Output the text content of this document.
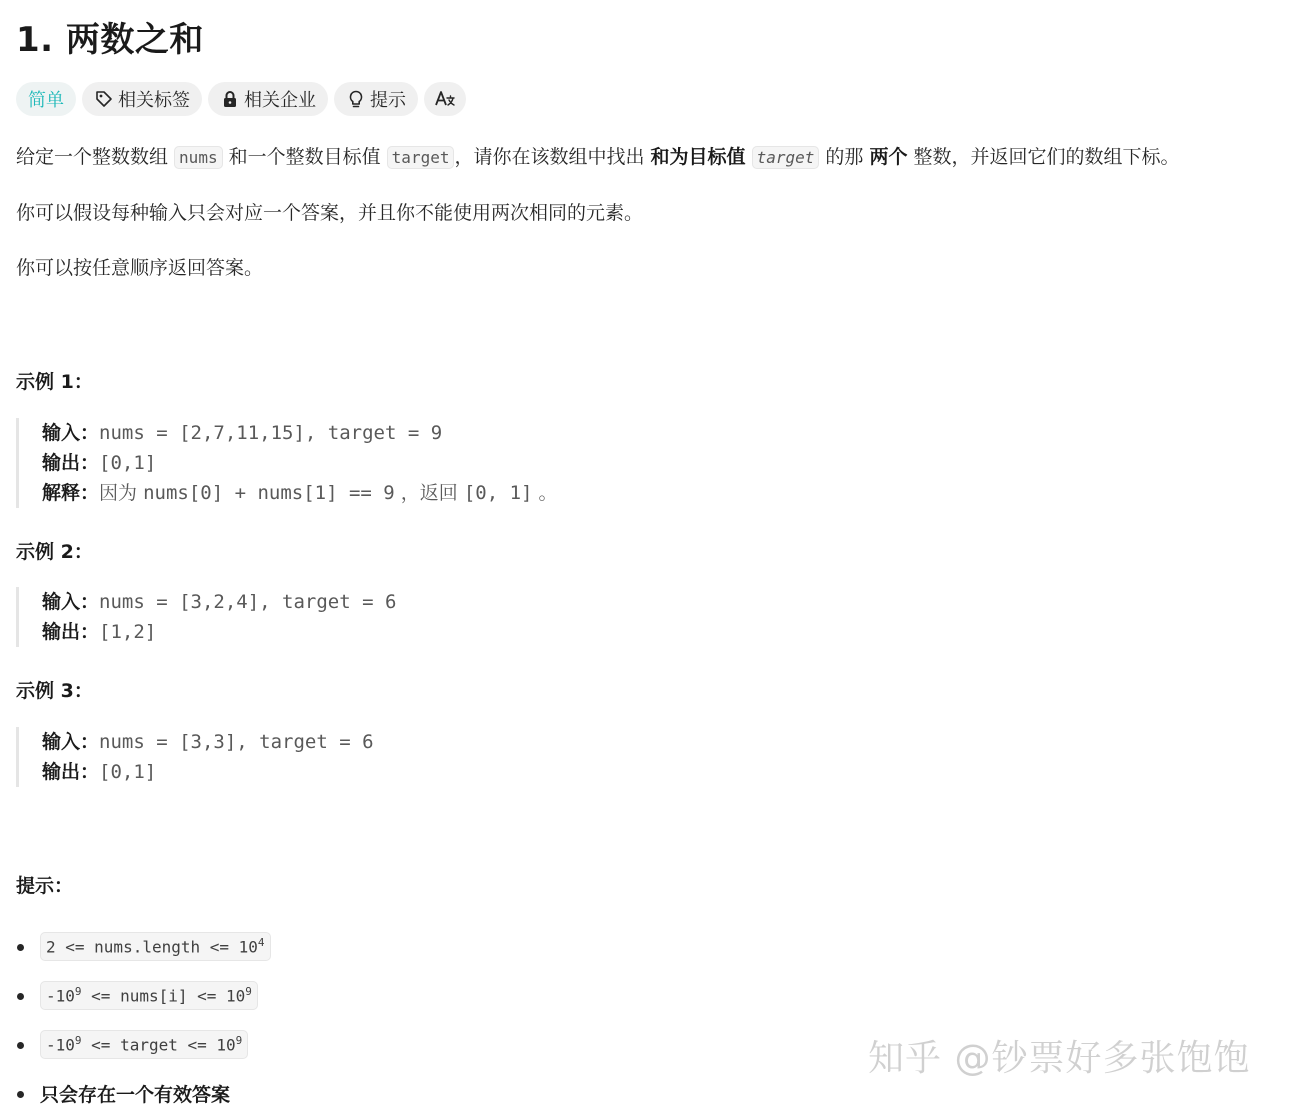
1. 两数之和
简单	相关标签	相关企业	提示

给定一个整数数组 nums 和一个整数目标值 target ，请你在该数组中找出 和为目标值 target 的那 两个 整数，并返回它们的数组下标。

你可以假设每种输入只会对应一个答案，并且你不能使用两次相同的元素。

你可以按任意顺序返回答案。

示例 1：
输入：nums = [2,7,11,15], target = 9
输出：[0,1]
解释：因为 nums[0] + nums[1] == 9 ，返回 [0, 1] 。
示例 2：
输入：nums = [3,2,4], target = 6
输出：[1,2]
示例 3：
输入：nums = [3,3], target = 6
输出：[0,1]
提示：
2 <= nums.length <= $10^4$
$-10^9$ <= nums[i] <= $10^9$
$-10^9$ <= target <= $10^9$
只会存在一个有效答案
知乎 @钞票好多张饱饱
